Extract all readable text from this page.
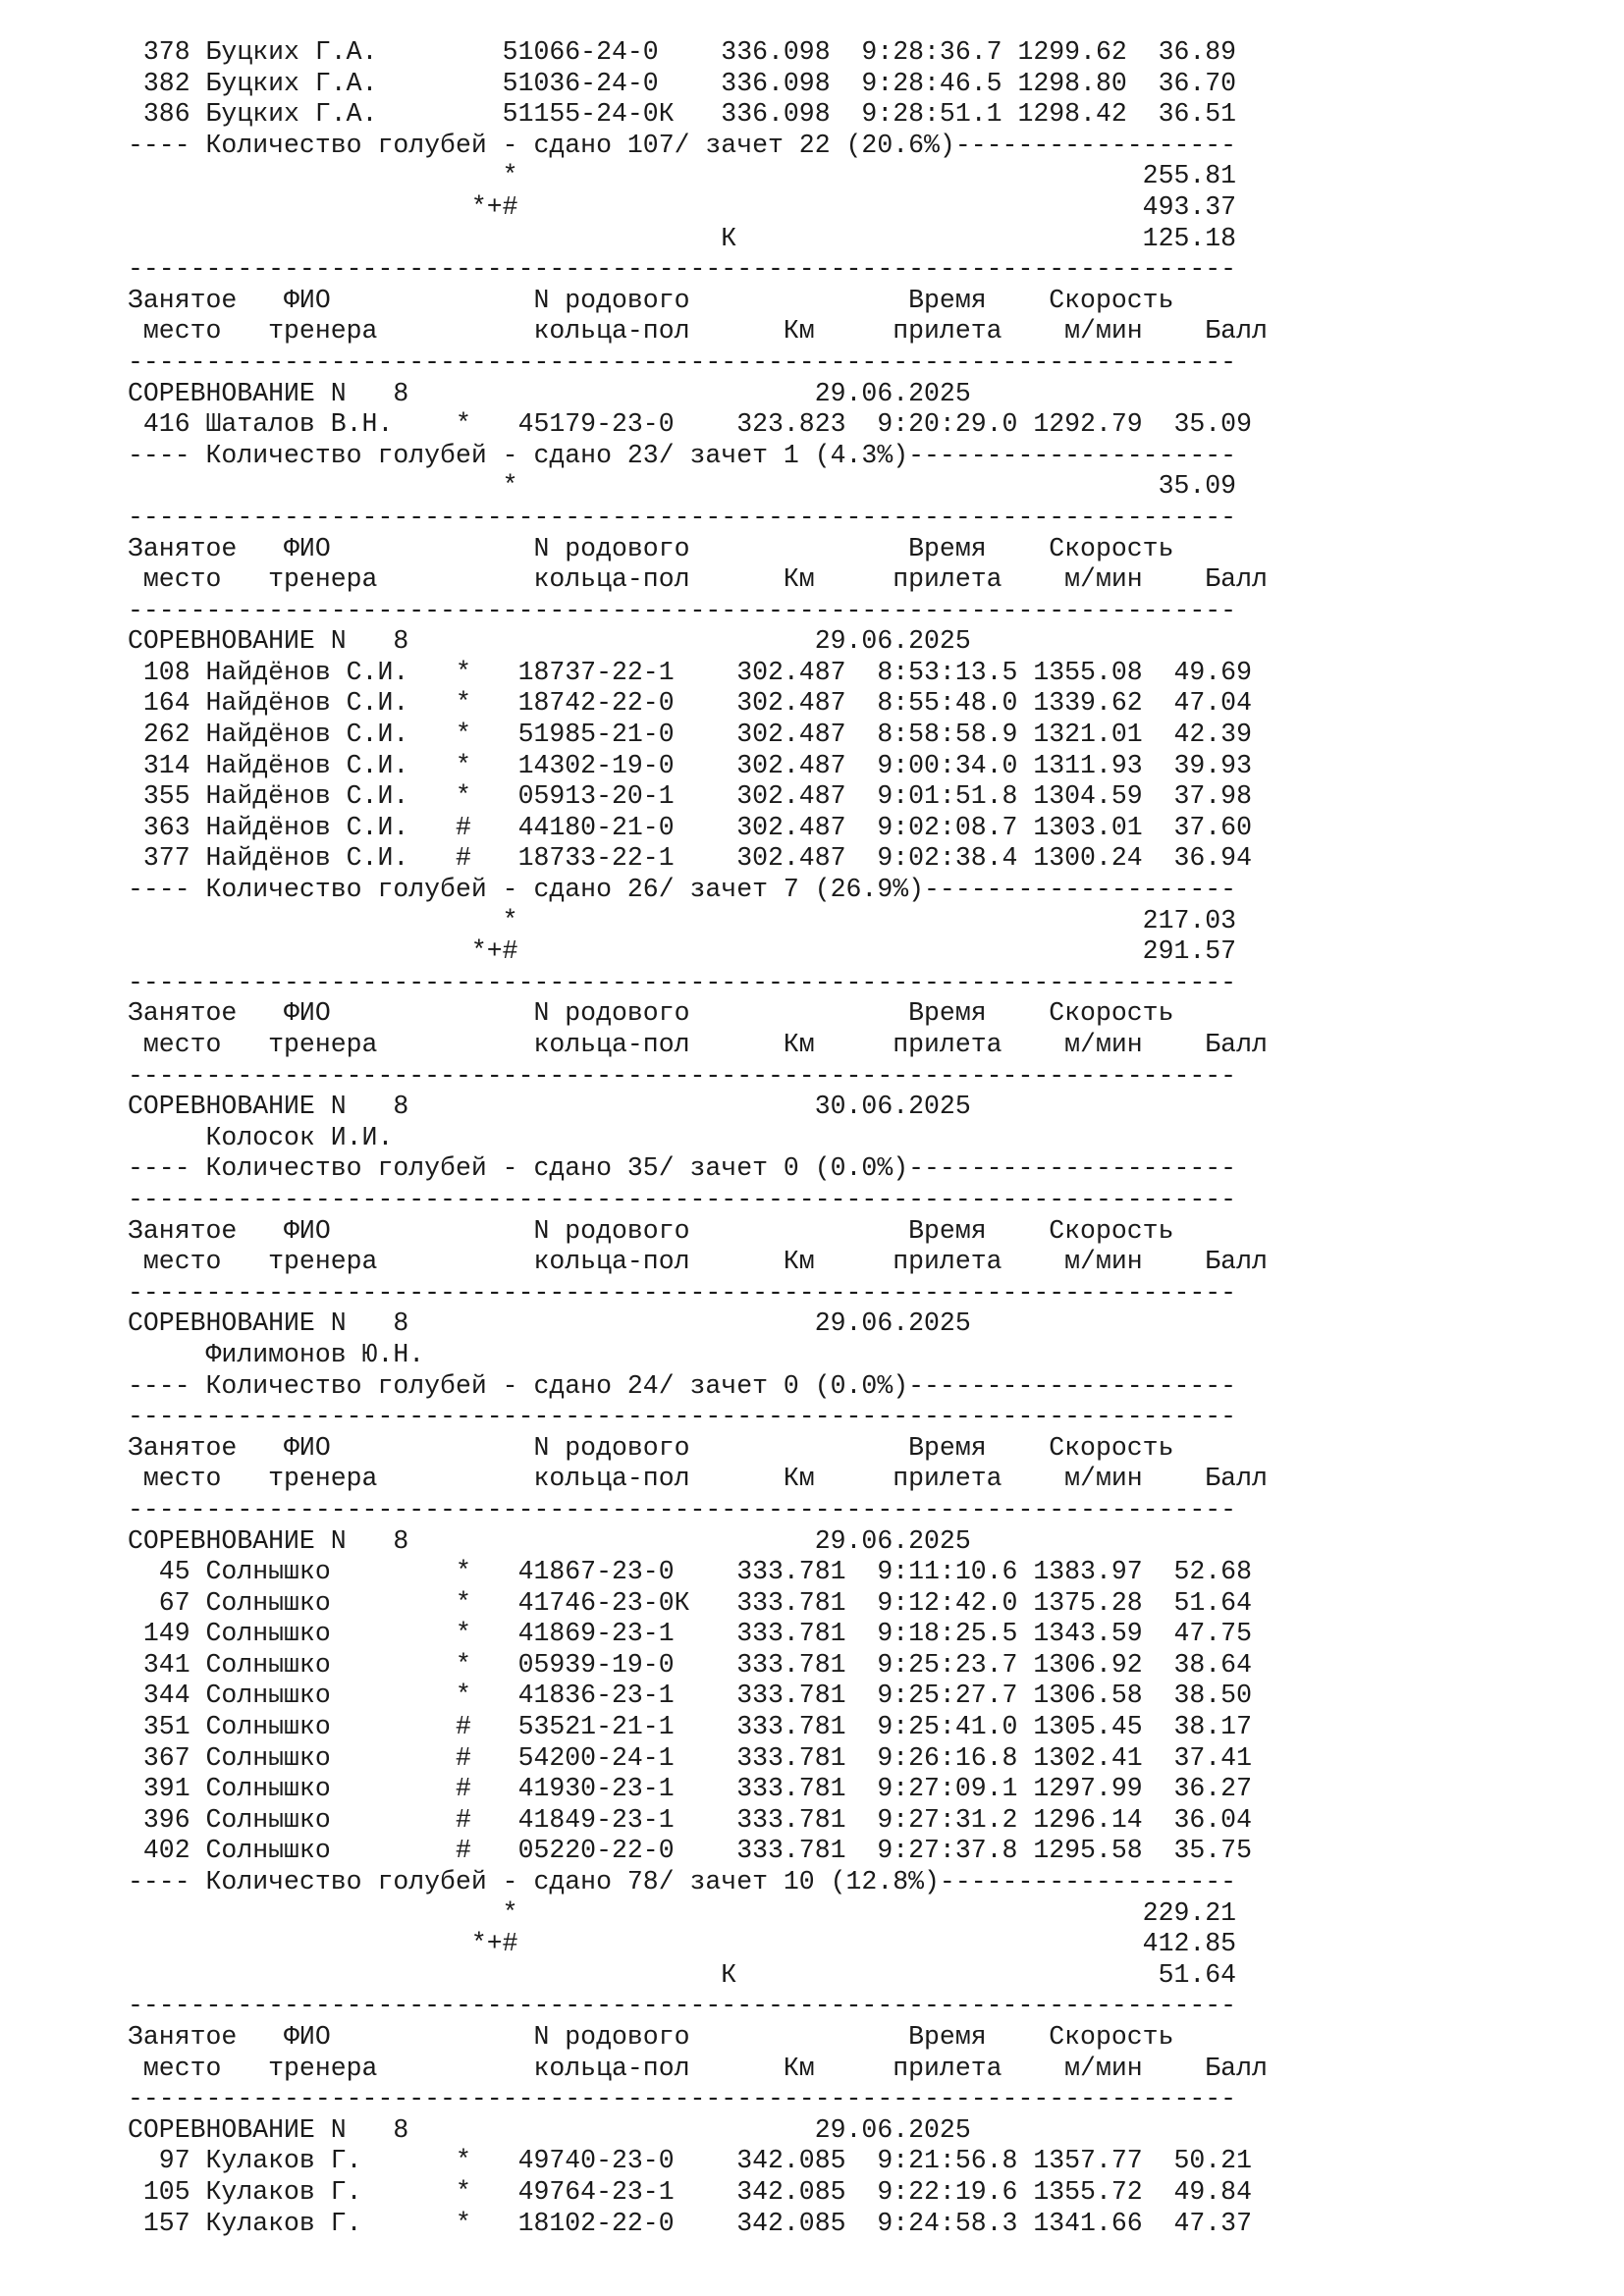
378 Буцких Г.А.        51066-24-0    336.098  9:28:36.7 1299.62  36.89
382 Буцких Г.А.        51036-24-0    336.098  9:28:46.5 1298.80  36.70
386 Буцких Г.А.        51155-24-0К   336.098  9:28:51.1 1298.42  36.51
---- Количество голубей - сдано 107/ зачет 22 (20.6%)------------------
*                                        255.81
*+#                                        493.37
К                          125.18
-----------------------------------------------------------------------
Занятое   ФИО             N родового              Время    Скорость
место   тренера          кольца-пол      Км     прилета    м/мин    Балл
-----------------------------------------------------------------------
СОРЕВНОВАНИЕ N   8                          29.06.2025
416 Шаталов В.Н.    *   45179-23-0    323.823  9:20:29.0 1292.79  35.09
---- Количество голубей - сдано 23/ зачет 1 (4.3%)---------------------
*                                         35.09
-----------------------------------------------------------------------
Занятое   ФИО             N родового              Время    Скорость
место   тренера          кольца-пол      Км     прилета    м/мин    Балл
-----------------------------------------------------------------------
СОРЕВНОВАНИЕ N   8                          29.06.2025
108 Найдёнов С.И.   *   18737-22-1    302.487  8:53:13.5 1355.08  49.69
164 Найдёнов С.И.   *   18742-22-0    302.487  8:55:48.0 1339.62  47.04
262 Найдёнов С.И.   *   51985-21-0    302.487  8:58:58.9 1321.01  42.39
314 Найдёнов С.И.   *   14302-19-0    302.487  9:00:34.0 1311.93  39.93
355 Найдёнов С.И.   *   05913-20-1    302.487  9:01:51.8 1304.59  37.98
363 Найдёнов С.И.   #   44180-21-0    302.487  9:02:08.7 1303.01  37.60
377 Найдёнов С.И.   #   18733-22-1    302.487  9:02:38.4 1300.24  36.94
---- Количество голубей - сдано 26/ зачет 7 (26.9%)--------------------
*                                        217.03
*+#                                        291.57
-----------------------------------------------------------------------
Занятое   ФИО             N родового              Время    Скорость
место   тренера          кольца-пол      Км     прилета    м/мин    Балл
-----------------------------------------------------------------------
СОРЕВНОВАНИЕ N   8                          30.06.2025
Колосок И.И.
---- Количество голубей - сдано 35/ зачет 0 (0.0%)---------------------
-----------------------------------------------------------------------
Занятое   ФИО             N родового              Время    Скорость
место   тренера          кольца-пол      Км     прилета    м/мин    Балл
-----------------------------------------------------------------------
СОРЕВНОВАНИЕ N   8                          29.06.2025
Филимонов Ю.Н.
---- Количество голубей - сдано 24/ зачет 0 (0.0%)---------------------
-----------------------------------------------------------------------
Занятое   ФИО             N родового              Время    Скорость
место   тренера          кольца-пол      Км     прилета    м/мин    Балл
-----------------------------------------------------------------------
СОРЕВНОВАНИЕ N   8                          29.06.2025
45 Солнышко        *   41867-23-0    333.781  9:11:10.6 1383.97  52.68
67 Солнышко        *   41746-23-0К   333.781  9:12:42.0 1375.28  51.64
149 Солнышко        *   41869-23-1    333.781  9:18:25.5 1343.59  47.75
341 Солнышко        *   05939-19-0    333.781  9:25:23.7 1306.92  38.64
344 Солнышко        *   41836-23-1    333.781  9:25:27.7 1306.58  38.50
351 Солнышко        #   53521-21-1    333.781  9:25:41.0 1305.45  38.17
367 Солнышко        #   54200-24-1    333.781  9:26:16.8 1302.41  37.41
391 Солнышко        #   41930-23-1    333.781  9:27:09.1 1297.99  36.27
396 Солнышко        #   41849-23-1    333.781  9:27:31.2 1296.14  36.04
402 Солнышко        #   05220-22-0    333.781  9:27:37.8 1295.58  35.75
---- Количество голубей - сдано 78/ зачет 10 (12.8%)-------------------
*                                        229.21
*+#                                        412.85
К                           51.64
-----------------------------------------------------------------------
Занятое   ФИО             N родового              Время    Скорость
место   тренера          кольца-пол      Км     прилета    м/мин    Балл
-----------------------------------------------------------------------
СОРЕВНОВАНИЕ N   8                          29.06.2025
97 Кулаков Г.      *   49740-23-0    342.085  9:21:56.8 1357.77  50.21
105 Кулаков Г.      *   49764-23-1    342.085  9:22:19.6 1355.72  49.84
157 Кулаков Г.      *   18102-22-0    342.085  9:24:58.3 1341.66  47.37
